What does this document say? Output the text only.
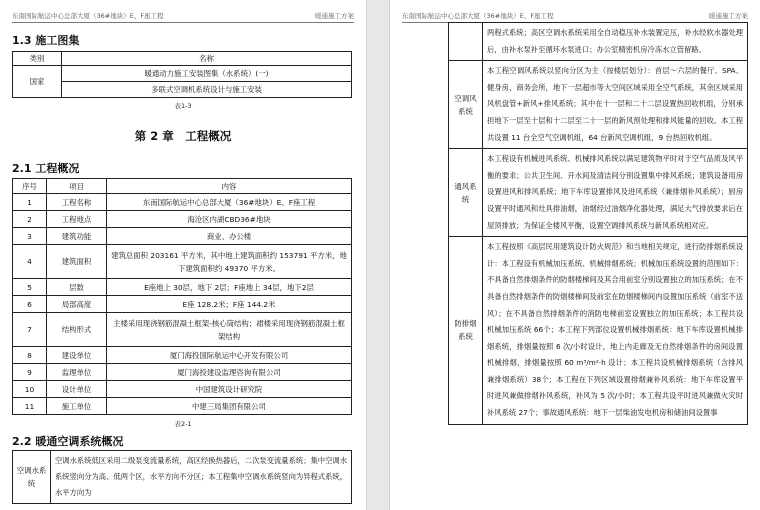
东南国际航运中心总部大厦（36#地块）E、F座工程	暖通施工方案
1.3 施工图集
类别	名称
国家	暖通动力施工安装图集（水系统）(一)
	多联式空调机系统设计与施工安装
表1-3
第 2 章　工程概况
2.1 工程概况
序号	项目	内容
1	工程名称	东南国际航运中心总部大厦（36#地块）E、F座工程
2	工程地点	海沧区内湖CBD36#地块
3	建筑功能	商业、办公楼
4	建筑面积	建筑总面积 203161 平方米，其中地上建筑面积约 153791 平方米，地下建筑面积约 49370 平方米。
5	层数	E座地上 30层，地下 2层；F座地上 34层，地下2层
6	局部高度	E座 128.2米；F座 144.2米
7	结构形式	主楼采用现浇钢筋混凝土框架-核心筒结构；裙楼采用现浇钢筋混凝土框架结构
8	建设单位	厦门海投国际航运中心开发有限公司
9	监理单位	厦门海投建设监理咨询有限公司
10	设计单位	中国建筑设计研究院
11	施工单位	中建三局集团有限公司
表2-1
2.2 暖通空调系统概况
空调水系统	空调水系统低区采用二级泵变流量系统，高区经换热器后，二次泵变流量系统；集中空调水系统竖向分为高、低两个区，水平方向不分区；本工程集中空调水系统竖向为异程式系统，水平方向为
东南国际航运中心总部大厦（36#地块）E、F座工程	暖通施工方案
	两程式系统；高区空调水系统采用全自动稳压补水装置定压，补水经软水器处理后，由补水泵补至循环水泵进口；办公室精密机房冷冻水立管留路。
空调风系统	本工程空调风系统以竖向分区为主（按楼层划分）：首层～六层的餐厅、SPA、健身房、商务会所，地下一层超市等大空间区域采用全空气系统，其余区域采用风机盘管+新风+排风系统；其中在十一层和二十二层设置热回收机组，分别承担地下一层至十层和十二层至二十一层的新风预处理和排风能量的回收。本工程共设置 11 台全空气空调机组，64 台新风空调机组，9 台热回收机组。
通风系统	本工程设有机械进风系统、机械排风系统以满足建筑物平时对于空气品质及风平衡的要求；公共卫生间、开水间及清洁间分别设置集中排风系统；建筑设备用房设置进风和排风系统；地下车库设置排风及进风系统（兼排烟补风系统）；厨房设置平时通风和灶具排油烟，油烟经过油烟净化器处理，满足大气排放要求后在屋顶排放；为保证全楼风平衡，设置空调排风系统与新风系统相对应。
防排烟系统	本工程按照《高层民用建筑设计防火规范》和当地相关规定，进行防排烟系统设计：本工程设有机械加压系统、机械排烟系统；机械加压系统设置的范围如下：不具备自然排烟条件的防烟楼梯间及其合用前室分别设置独立的加压系统；在不具备自然排烟条件的防烟楼梯间及前室在防烟楼梯间内设置加压系统（前室不送风）；在不具备自然排烟条件的消防电梯前室设置独立的加压系统；本工程共设机械加压系统 66个；本工程下列部位设置机械排烟系统：地下车库设置机械排烟系统，排烟量按照 6 次/小时设计，地上内走廊及无自然排烟条件的房间设置机械排烟，排烟量按照 60 m³/m²·h 设计；本工程共设机械排烟系统（含排风兼排烟系统）38个；本工程在下列区域设置排烟兼补风系统：地下车库设置平时进风兼做排烟补风系统，补风为 5 次/小时；本工程共设平时进风兼做火灾时补风系统 27个；事故通风系统：地下一层柴油发电机房和储油间设置事
